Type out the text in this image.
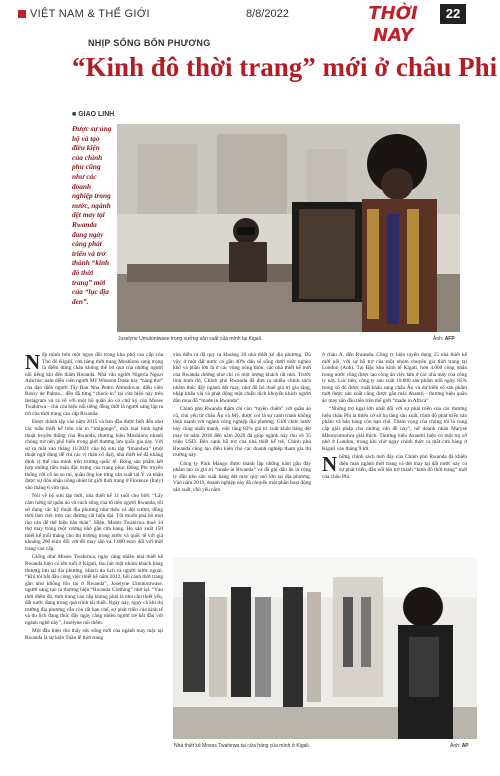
VIỆT NAM & THẾ GIỚI	8/8/2022	THỜI NAY
22
NHỊP SỐNG BỐN PHƯƠNG
“Kinh đô thời trang” mới ở châu Phi
■ GIAO LINH
Được sự ủng hộ và tạo điều kiện của chính phủ cũng như các doanh nghiệp trong nước, ngành dệt may tại Rwanda đang ngày càng phát triển và trở thành “kinh đô thời trang” mới của “lục địa đen”.
Joselyne Umutoniwase trong xưởng sản xuất của mình tại Kigali.	Ảnh: AFP

Nếp mình trên một ngọn đồi trong khu phố cao cấp của Thủ đô Kigali, cửa hàng thời trang Moshions sang trọng là điểm dừng chân không thể bỏ qua của những người nổi tiếng khi đến thăm Rwanda. Nhà văn người Nigeria Ngozi Adichie, nam diễn viên người Mỹ Winston Duke hay “nàng thơ” của đạo diễn người Tây Ban Nha Pedro Almodovar, diễn viên Rossy de Palma... đều đã từng “check-in” tại cửa hiệu này trên Instagram và ra về với một bộ quần áo có chữ ký của Moses Twahirwa - chủ của hiệu nổi tiếng đồng thời là người sáng lập ra trò của thời trang cao cấp Rwanda.

Được thành lập vào năm 2015 và ban đầu được biết đến như các mẫu thiết kế trên vải in “imigongo”, một loại hình nghệ thuật truyền thống của Rwanda, thương hiệu Moshions nhanh chóng trở nên phổ biến trong giới thượng lưu quốc gia này. Với sự ra mắt vào tháng 11/2021 của bộ sưu tập “Imandwa” (một thuật ngữ dùng để chỉ các vị thần cổ đại), nhà thiết kế đã khẳng định vị thế của mình trên trường quốc tế. Đóng sản phẩm kết hợp những tấm màn đặc trưng của trang phục Đông Phi truyền thống với cổ áo so mi, quần ống loe từng sản xuất tại Ý và nhận được sự đón nhận nồng nhiệt từ giới thời trang ở Florence (Italy) vào tháng 6 vừa qua.

Nói về bộ sưu tập mới, nhà thiết kế 31 tuổi cho biết: “Lấy cảm hứng từ quần áo và cách sống của tổ tiên người Rwanda, tôi sử dụng các kỹ thuật địa phương như thêu và dệt cườm, đồng thời làm việc trên các đường cắt hiện đại. Tôi muốn phá bỏ mọi rào cản để thể hiện bản thân”. Hiện, Moses Twahirwa thuê 14 thợ may trong một xưởng nhỏ gần cửa hàng. Họ sản xuất 150 thiết kế mỗi tháng cho thị trường trong nước và quốc tế với giá khoảng 200 euro đối với đồ may sẵn và 1.000 euro đối với thời trang cao cấp.

Giống như Moses Twahirwa, ngày càng nhiều nhà thiết kế Rwanda hiện có tên tuổi ở Kigali, thu hút một nhóm khách hàng thượng lưu tại địa phương, khách du lịch và người nước ngoài. “Khi tôi bắt đầu công việc thiết kế năm 2012, bối cảnh thời trang gần như không tồn tại ở Rwanda”, Joselyne Umutoniwase, người sáng tạo ra thương hiệu “Rwanda Clothing” nhớ lại. “Vào thời điểm đó, thời trang cao cấp không phải là nhu cầu thiết yếu, đất nước đang trong quá trình tái thiết. Ngày nay, ngay cả khi thị trường địa phương vẫn còn rất hạn chế, sự phát triển của kinh tế và du lịch đang thúc đẩy ngày càng nhiều người trẻ bắt đầu với ngành nghề này”, Joselyne nói thêm.

Một đầu hiệu cho thấy sức sống mới của ngành may mặc tại Rwanda là sự kiện Tuần lễ thời trang

vừa diễn ra đã quy tụ khoảng 20 nhà thiết kế địa phương. Dù vậy, ở một đất nước có gần 40% dân số sống dưới mức nghèo khổ và phần lớn là ở các vùng nông thôn, các nhà thiết kế mới của Rwanda dường như chỉ có một lượng khách rất nhỏ. Trước tình hình đó, Chính phủ Rwanda đã đưa ra nhiều chính sách nhằm thúc đẩy ngành dệt may, như đổ bỏ thuế giá trị gia tăng, nhập khẩu vải và phát động một chiến dịch khuyến khích người dân mua đồ “made in Rwanda”.

Chính phủ Rwanda thậm chí còn “tuyên chiến” với quần áo cũ, chủ yếu từ châu Âu và Mỹ, được coi là sự cạnh tranh không lành mạnh với ngành công nghiệp địa phương. Giới chức nước này cũng nhấn mạnh, việc tăng 83% giá trị xuất khẩu hàng dệt may từ năm 2018 đến năm 2020 đã giúp ngành này thu về 35 triệu USD. Bên cạnh hỗ trợ của nhà thiết kế trẻ, Chính phủ Rwanda cũng tạo điều kiện cho các doanh nghiệp tham gia thị trường này.

Công ty Pink Mango được thành lập những năm gần đây nhằm tạo ra giá trị “made in Rwanda” và đã ghi dấu ấn là công ty đầu tiên sản xuất hàng dệt may quy mô lớn tại địa phương. Vào năm 2019, doanh nghiệp này đã chuyển một phần hoạt động sản xuất, chủ yếu nằm

ở châu Á, đến Rwanda. Công ty hiện tuyển dụng 15 nhà thiết kế mới nổi, với sự hỗ trợ của một nhóm chuyên gia thời trang tại London (Anh). Tại Đặc khu kinh tế Kigali, hơn 4.000 công nhân trong nước cũng được tạo công ăn việc làm ở các nhà máy của công ty này. Lúc tiên, công ty sản xuất 10.000 sản phẩm mỗi ngày. 85% trong số đó được xuất khẩu sang châu Âu và dự kiến số sản phẩm mới được sản xuất cũng được gắn mác Asantii - thương hiệu quần áo may sẵn đầu tiên trên thế giới “made in Africa”.

“Những trợ ngại lớn nhất đối với sự phát triển của các thương hiệu châu Phi là thiếu cơ sở hạ tầng sản xuất, trình độ phát triển sản phẩm và bán hàng còn hạn chế. Tham vọng của chúng tôi là cung cấp giải pháp cho những vấn đề này”, nữ doanh nhân Maryse Mbonyumutwa giải thích. Thương hiệu Asanttii hiện có một trụ sở nhỏ ở London, trong khi chờ ngày chính thức ra mắt cửa hàng ở Kigali vào tháng 9 tới.

Những chính sách mới đây của Chính phủ Rwanda đã khiến diện mạo ngành thời trang và dệt may tại đất nước này có sự phát triển, dần nổi lên trở thành “kinh đô thời trang” mới của châu Phi.

Nhà thiết kế Moses Twahirwa tại cửa hàng của mình ở Kigali.	Ảnh: AP
